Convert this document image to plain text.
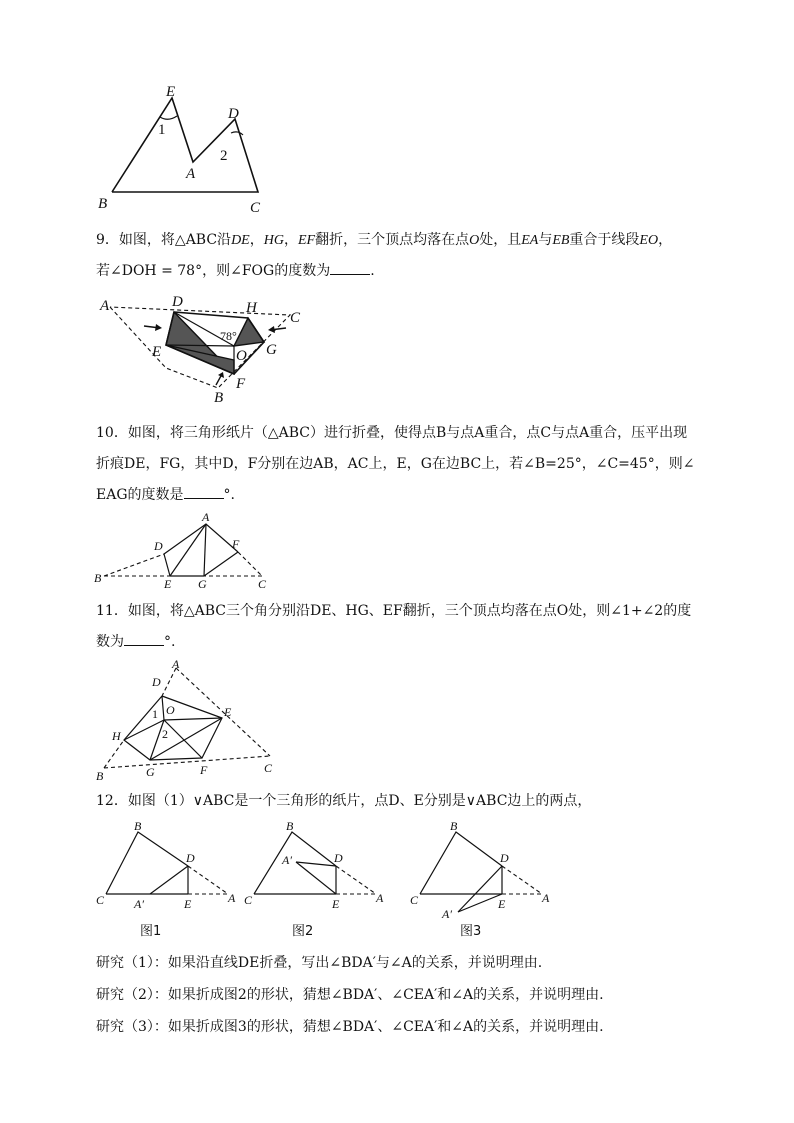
E
D
A
B	C
1
2

9．如图，将△ABC沿DE，HG，EF翻折，三个顶点均落在点O处，且EA与EB重合于线段EO，
若∠DOH = 78°，则∠FOG的度数为	.

A	D	H
C
E	O G
F
B
78°

10．如图，将三角形纸片（△ABC）进行折叠，使得点B与点A重合，点C与点A重合，压平出现
折痕DE，FG，其中D，F分别在边AB，AC上，E，G在边BC上，若∠B=25°，∠C=45°，则∠
EAG的度数是	°.

A
D	F
B	E G	C

11．如图，将△ABC三个角分别沿DE、HG、EF翻折，三个顶点均落在点O处，则∠1+∠2的度
数为	°.

A
D
O	E
H
B	G	F	C
1
2

12．如图（1）∨ABC是一个三角形的纸片，点D、E分别是∨ABC边上的两点，

B
D
C A′	E	A
图1
B
A′	D
C	E	A
图2
B
D
C	E	A
A′
图3

研究（1）：如果沿直线DE折叠，写出∠BDA′与∠A的关系，并说明理由.

研究（2）：如果折成图2的形状，猜想∠BDA′、∠CEA′和∠A的关系，并说明理由.

研究（3）：如果折成图3的形状，猜想∠BDA′、∠CEA′和∠A的关系，并说明理由.
